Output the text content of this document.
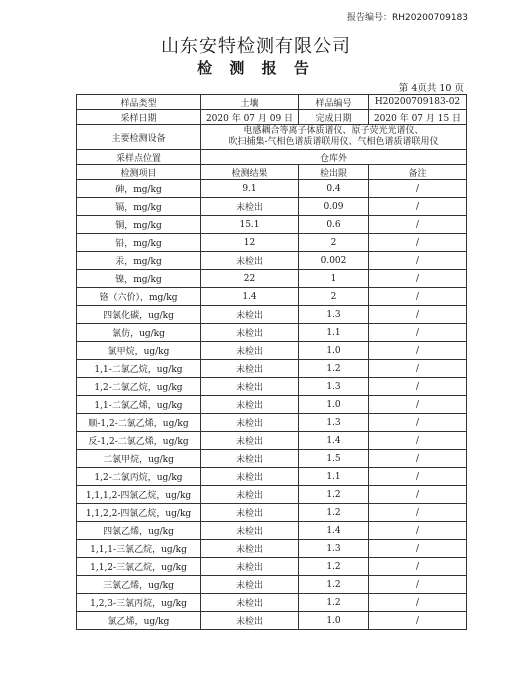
报告编号：RH20200709183
山东安特检测有限公司
检 测 报 告
第 4页共 10 页
样品类型	土壤	样品编号	H20200709183-02
采样日期	2020 年 07 月 09 日	完成日期	2020 年 07 月 15 日
主要检测设备	电感耦合等离子体质谱仪、原子荧光光谱仪、
吹扫捕集-气相色谱质谱联用仪、气相色谱质谱联用仪		

采样点位置	仓库外		
检测项目	检测结果	检出限	备注
砷，mg/kg	9.1	0.4	/
镉，mg/kg	未检出	0.09	/
铜，mg/kg	15.1	0.6	/
铅，mg/kg	12	2	/
汞，mg/kg	未检出	0.002	/
镍，mg/kg	22	1	/
铬（六价），mg/kg	1.4	2	/
四氯化碳，ug/kg	未检出	1.3	/
氯仿，ug/kg	未检出	1.1	/
氯甲烷，ug/kg	未检出	1.0	/
1,1-二氯乙烷，ug/kg	未检出	1.2	/
1,2-二氯乙烷，ug/kg	未检出	1.3	/
1,1-二氯乙烯，ug/kg	未检出	1.0	/
顺-1,2-二氯乙烯，ug/kg	未检出	1.3	/
反-1,2-二氯乙烯，ug/kg	未检出	1.4	/
二氯甲烷，ug/kg	未检出	1.5	/
1,2-二氯丙烷，ug/kg	未检出	1.1	/
1,1,1,2-四氯乙烷，ug/kg	未检出	1.2	/
1,1,2,2-四氯乙烷，ug/kg	未检出	1.2	/
四氯乙烯，ug/kg	未检出	1.4	/
1,1,1-三氯乙烷，ug/kg	未检出	1.3	/
1,1,2-三氯乙烷，ug/kg	未检出	1.2	/
三氯乙烯，ug/kg	未检出	1.2	/
1,2,3-三氯丙烷，ug/kg	未检出	1.2	/
氯乙烯，ug/kg	未检出	1.0	/
